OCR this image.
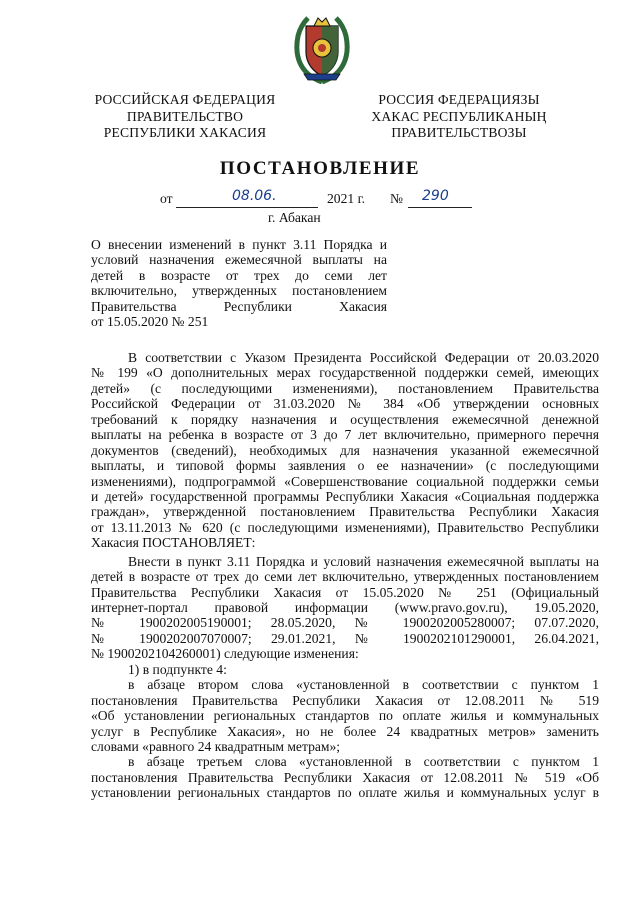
РОССИЙСКАЯ ФЕДЕРАЦИЯ
ПРАВИТЕЛЬСТВО
РЕСПУБЛИКИ ХАКАСИЯ
РОССИЯ ФЕДЕРАЦИЯЗЫ
ХАКАС РЕСПУБЛИКАНЫҢ
ПРАВИТЕЛЬСТВОЗЫ
ПОСТАНОВЛЕНИЕ
от	08.06.	2021 г. № 290
г. Абакан
О внесении изменений в пункт 3.11 Порядка и
условий назначения ежемесячной выплаты на
детей в возрасте от трех до семи лет
включительно, утвержденных постановлением
Правительства Республики Хакасия
от 15.05.2020 № 251
В соответствии с Указом Президента Российской Федерации от 20.03.2020
№ 199 «О дополнительных мерах государственной поддержки семей, имеющих
детей» (с последующими изменениями), постановлением Правительства
Российской Федерации от 31.03.2020 № 384 «Об утверждении основных
требований к порядку назначения и осуществления ежемесячной денежной
выплаты на ребенка в возрасте от 3 до 7 лет включительно, примерного перечня
документов (сведений), необходимых для назначения указанной ежемесячной
выплаты, и типовой формы заявления о ее назначении» (с последующими
изменениями), подпрограммой «Совершенствование социальной поддержки семьи
и детей» государственной программы Республики Хакасия «Социальная поддержка
граждан», утвержденной постановлением Правительства Республики Хакасия
от 13.11.2013 № 620 (с последующими изменениями), Правительство Республики
Хакасия ПОСТАНОВЛЯЕТ:
Внести в пункт 3.11 Порядка и условий назначения ежемесячной выплаты на
детей в возрасте от трех до семи лет включительно, утвержденных постановлением
Правительства Республики Хакасия от 15.05.2020 № 251 (Официальный
интернет-портал правовой информации (www.pravo.gov.ru), 19.05.2020,
№ 1900202005190001; 28.05.2020, № 1900202005280007; 07.07.2020,
№ 1900202007070007; 29.01.2021, № 1900202101290001, 26.04.2021,
№ 1900202104260001) следующие изменения:
1) в подпункте 4:
в абзаце втором слова «установленной в соответствии с пунктом 1
постановления Правительства Республики Хакасия от 12.08.2011 № 519
«Об установлении региональных стандартов по оплате жилья и коммунальных
услуг в Республике Хакасия», но не более 24 квадратных метров» заменить
словами «равного 24 квадратным метрам»;
в абзаце третьем слова «установленной в соответствии с пунктом 1
постановления Правительства Республики Хакасия от 12.08.2011 № 519 «Об
установлении региональных стандартов по оплате жилья и коммунальных услуг в
